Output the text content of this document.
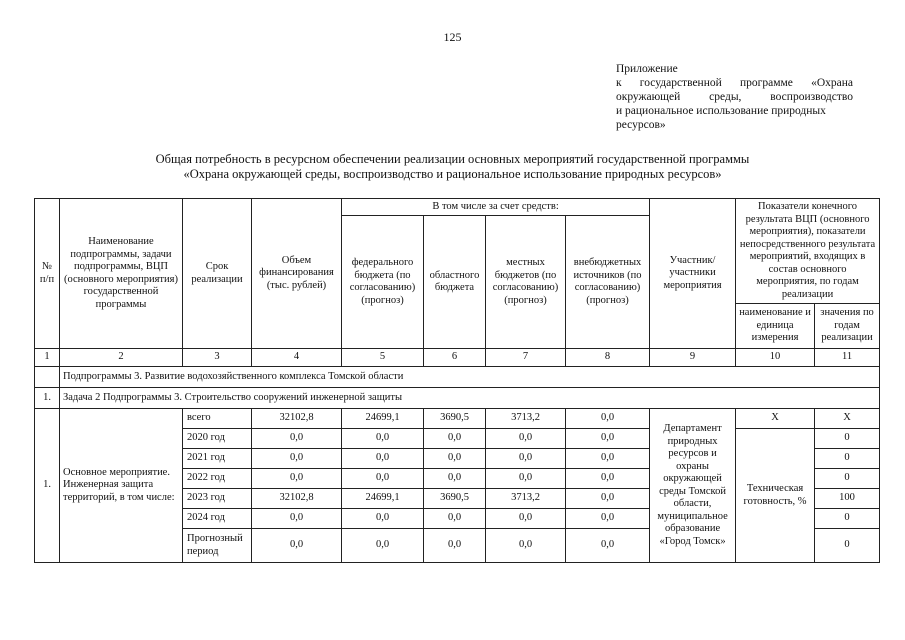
125
Приложение
к государственной программе «Охрана
окружающей среды, воспроизводство
и рациональное использование природных
ресурсов»
Общая потребность в ресурсном обеспечении реализации основных мероприятий государственной программы
«Охрана окружающей среды, воспроизводство и рациональное использование природных ресурсов»
№ п/п	Наименование подпрограммы, задачи подпрограммы, ВЦП (основного мероприятия) государственной программы	Срок реализации	Объем финансирования (тыс. рублей)	В том числе за счет средств:				Участник/ участники мероприятия	Показатели конечного результата ВЦП (основного мероприятия), показатели непосредственного результата мероприятий, входящих в состав основного мероприятия, по годам реализации	
				федерального бюджета (по согласованию) (прогноз)	областного бюджета	местных бюджетов (по согласованию) (прогноз)	внебюджетных источников (по согласованию) (прогноз)			
									наименование и единица измерения	значения по годам реализации
1	2	3	4	5	6	7	8	9	10	11
	Подпрограммы 3. Развитие водохозяйственного комплекса Томской области									
1.	Задача 2 Подпрограммы 3. Строительство сооружений инженерной защиты									
1.	Основное мероприятие. Инженерная защита территорий, в том числе:	всего	32102,8	24699,1	3690,5	3713,2	0,0	Департамент природных ресурсов и охраны окружающей среды Томской области, муниципальное образование «Город Томск»	X	X
		2020 год	0,0	0,0	0,0	0,0	0,0		Техническая готовность, %	0
		2021 год	0,0	0,0	0,0	0,0	0,0			0
		2022 год	0,0	0,0	0,0	0,0	0,0			0
		2023 год	32102,8	24699,1	3690,5	3713,2	0,0			100
		2024 год	0,0	0,0	0,0	0,0	0,0			0
		Прогнозный период	0,0	0,0	0,0	0,0	0,0			0
